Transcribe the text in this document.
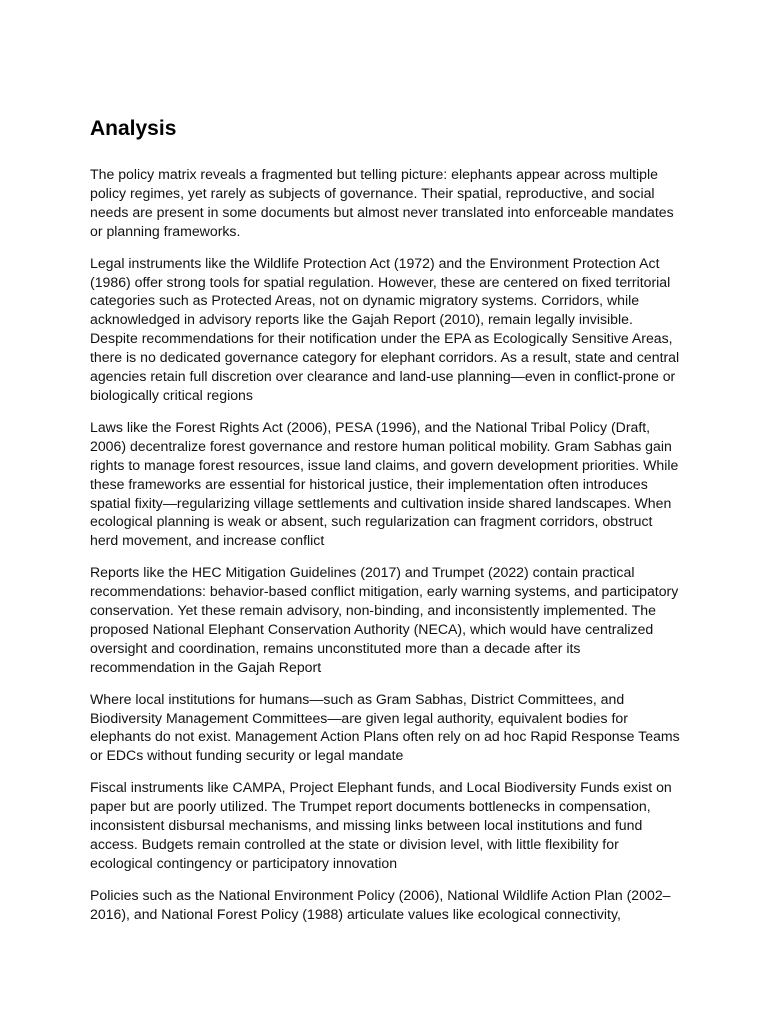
Analysis

The policy matrix reveals a fragmented but telling picture: elephants appear across multiple policy regimes, yet rarely as subjects of governance. Their spatial, reproductive, and social needs are present in some documents but almost never translated into enforceable mandates or planning frameworks.

Legal instruments like the Wildlife Protection Act (1972) and the Environment Protection Act (1986) offer strong tools for spatial regulation. However, these are centered on fixed territorial categories such as Protected Areas, not on dynamic migratory systems. Corridors, while acknowledged in advisory reports like the Gajah Report (2010), remain legally invisible. Despite recommendations for their notification under the EPA as Ecologically Sensitive Areas, there is no dedicated governance category for elephant corridors. As a result, state and central agencies retain full discretion over clearance and land-use planning—even in conflict-prone or biologically critical regions

Laws like the Forest Rights Act (2006), PESA (1996), and the National Tribal Policy (Draft, 2006) decentralize forest governance and restore human political mobility. Gram Sabhas gain rights to manage forest resources, issue land claims, and govern development priorities. While these frameworks are essential for historical justice, their implementation often introduces spatial fixity—regularizing village settlements and cultivation inside shared landscapes. When ecological planning is weak or absent, such regularization can fragment corridors, obstruct herd movement, and increase conflict

Reports like the HEC Mitigation Guidelines (2017) and Trumpet (2022) contain practical recommendations: behavior-based conflict mitigation, early warning systems, and participatory conservation. Yet these remain advisory, non-binding, and inconsistently implemented. The proposed National Elephant Conservation Authority (NECA), which would have centralized oversight and coordination, remains unconstituted more than a decade after its recommendation in the Gajah Report

Where local institutions for humans—such as Gram Sabhas, District Committees, and Biodiversity Management Committees—are given legal authority, equivalent bodies for elephants do not exist. Management Action Plans often rely on ad hoc Rapid Response Teams or EDCs without funding security or legal mandate

Fiscal instruments like CAMPA, Project Elephant funds, and Local Biodiversity Funds exist on paper but are poorly utilized. The Trumpet report documents bottlenecks in compensation, inconsistent disbursal mechanisms, and missing links between local institutions and fund access. Budgets remain controlled at the state or division level, with little flexibility for ecological contingency or participatory innovation

Policies such as the National Environment Policy (2006), National Wildlife Action Plan (2002–2016), and National Forest Policy (1988) articulate values like ecological connectivity,
